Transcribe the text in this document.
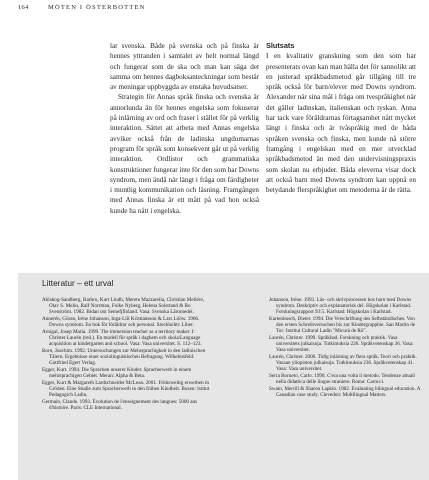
164	MÖTEN I ÖSTERBOTTEN

lar svenska. Både på svenska och på finska är hennes yttranden i samtalet av helt normal längd och fungerar som de ska och man kan säga det samma om hennes dagboksanteckningar som består av meningar uppbyggda av enstaka huvudsatser.

Strategin för Annas språk finska och svenska är annorlunda än för hennes engelska som fokuserar på inlärning av ord och fraser i stället för på verklig interaktion. Sättet att arbeta med Annas engelska avviker också från de ladinska ungdomarnas program för språk som konsekvent går ut på verklig interaktion. Ordlistor och grammatiska konstruktioner fungerar inte för den som har Downs syndrom, men ändå när längt i fråga om färdigheter i muntlig kommunikation och läsning. Framgången med Annas finska är ett mått på vad hon också kunde ha nått i engelska.

Slutsats

I en kvalitativ granskning som den som har presenterats ovan kan man hälla det för sannolikt att en justerad språkbadsmetod går tillgäng till tre språk också för barn/elever med Downs syndrom. Alexander när sina mål i fråga om tvespråkighet när det gäller ladinskan, italienskan och tyskan. Anna har tack vare föräldrarnas förtagsamhet nått mycket längt i finska och är tvåspråkig med de båda språken svenska och finska, men kunde nå större framgång i engelskan med en mer utvecklad språkbadsmetod än med den undervisningspraxis som skolan nu erbjuder. Båda eleverna visar dock att också barn med Downs syndrom kan uppnå en betydande flerspråkighet om metoderna är de rätta.

Litteratur – ett urval

Ahlskog-Sandberg, Barbro, Kurt Lindh, Merete Mazzarella, Christian Mellére, Olav S. Melin, Ralf Norrman, Folke Nyberg, Helena Solstrand & Bo Svenström. 1982. Bidan om Semefjfinland. Vasa: Svenska Läromedel.

Annerén, Göran, Irène Johanson, Inga-Lill Kristiansson & Lars Lööw. 1966. Downs syndrom. En bok för föräldrar och personal. Stockholm: Liber.

Arnigal, Josep Maria. 1999. The immersion teacher as a territory maker. I: Christer Laurén (red.). En modell för språk i daghem och skola/Language acquisition at kindergarten and school. Vasa: Vasa universitet. S. 112–123.

Born, Joachim. 1992. Untersuchungen zur Mehrsprachigkeit in den ladinischen Tälern. Ergebnisse einer soziolinguistischen Befragung. Wilhelmsfeld: Gottfried Egert Verlag.

Egger, Kurt. 1994. Die Sprachen unserer Kinder. Spracherwerb in einem mehrsprachigen Gebiet. Meran: Alpha & Beta.

Egger, Kurt & Margareth Lardschneider McLean. 2001. Frühzweitig erwerben in Gröden. Eine Studie zum Spracherwerb in den frühen Kindheit. Bozen: Istitut Pedagogich Ladin.

Germain, Claude. 1993. Évolution de l'enseignement des langues: 5000 ans d'histoire. Paris: CLE International.

Johanson, Irène. 1993. Läs- och skrivprocessen hos barn med Downs syndrom. Deskriptiv och explanatorisk del. Högskolan i Karlstad. Forskningsrapport 93:5. Karlstad: Högskolan i Karlstad.

Kartenbusch, Dieter. 1994. Die Verschriftung des Selbständisches. Von den ersten Schreibversuchen bis zur Kindergrapphie. San Martin de Tor: Institut Cultural Ladin "Micurà de Rü".

Laurén, Christer. 1999. Språkbad. Forskning och praktik. Vasa universitets julkaisuja. Tutkimuksia 226. Språkvetenskap 36. Vasa: Vasa universitet.

Laurén, Christer. 2006. Tidig inlärning av flera språk. Teori och praktik. Vasaan yliopiston julkaisuja. Tutkimuksia 236. Språkvetenskap 41. Vasa: Vasa universitet.

Serra Borneto, Carlo. 1998. C'era una volta il metodo. Tendenze attuali nella didattica delle lingue straniere. Roma: Carocci.

Swain, Merrill & Sharon Lapkin. 1982. Evaluating bilingual education. A Canadian case study. Clevedon: Multilingual Matters.
